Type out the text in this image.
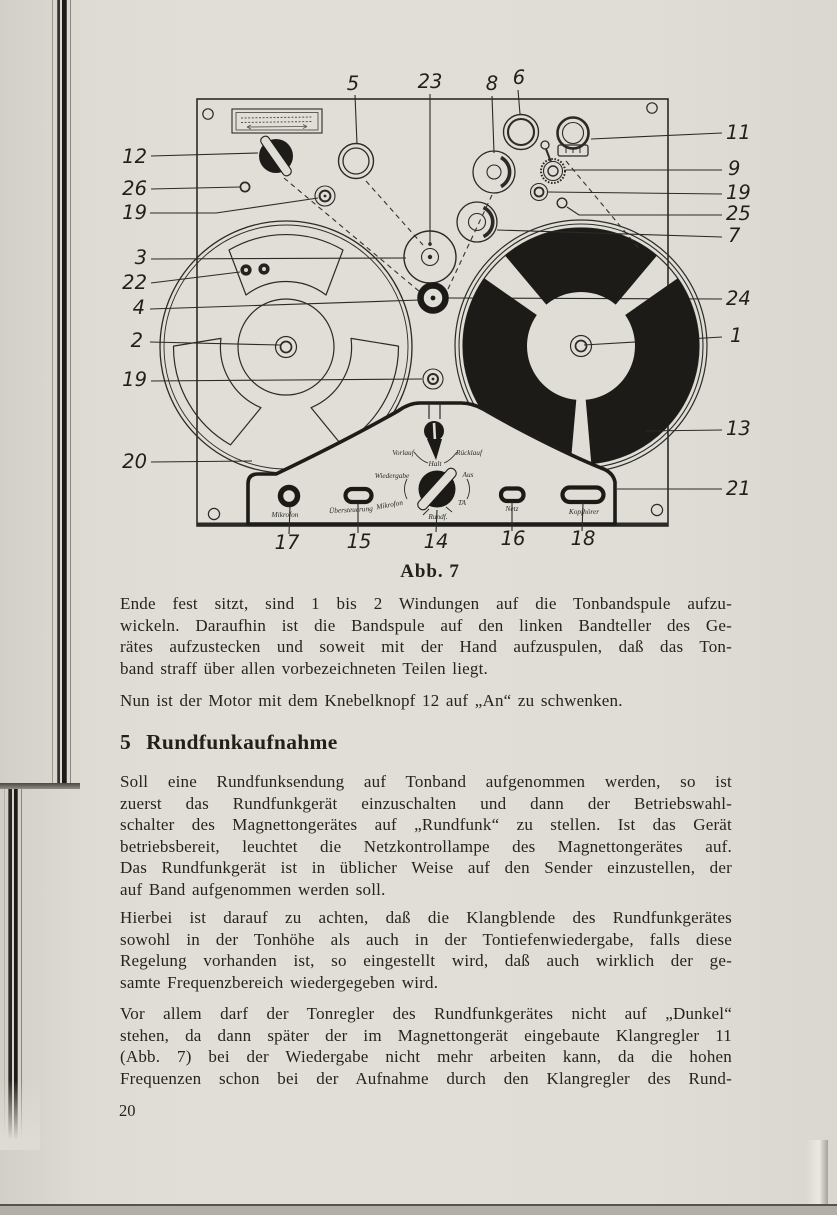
Vorlauf
Halt
Rücklauf
Wiedergabe	Aus
Mikrofon	TA
Rundf.
Mikrofon	Übersteuerung	Netz	Kopfhörer
12
26
19
3
22
4
2
19
20
5	23 8 6
17 15	14	16 18
11
9
19
25
7
24
1
13
21
Abb. 7
Ende fest sitzt, sind 1 bis 2 Windungen auf die Tonbandspule aufzu-
wickeln. Daraufhin ist die Bandspule auf den linken Bandteller des Ge-
rätes aufzustecken und soweit mit der Hand aufzuspulen, daß das Ton-
band straff über allen vorbezeichneten Teilen liegt.
Nun ist der Motor mit dem Knebelknopf 12 auf „An“ zu schwenken.
5 Rundfunkaufnahme
Soll eine Rundfunksendung auf Tonband aufgenommen werden, so ist
zuerst das Rundfunkgerät einzuschalten und dann der Betriebswahl-
schalter des Magnettongerätes auf „Rundfunk“ zu stellen. Ist das Gerät
betriebsbereit, leuchtet die Netzkontrollampe des Magnettongerätes auf.
Das Rundfunkgerät ist in üblicher Weise auf den Sender einzustellen, der
auf Band aufgenommen werden soll.
Hierbei ist darauf zu achten, daß die Klangblende des Rundfunkgerätes
sowohl in der Tonhöhe als auch in der Tontiefenwiedergabe, falls diese
Regelung vorhanden ist, so eingestellt wird, daß auch wirklich der ge-
samte Frequenzbereich wiedergegeben wird.
Vor allem darf der Tonregler des Rundfunkgerätes nicht auf „Dunkel“
stehen, da dann später der im Magnettongerät eingebaute Klangregler 11
(Abb. 7) bei der Wiedergabe nicht mehr arbeiten kann, da die hohen
Frequenzen schon bei der Aufnahme durch den Klangregler des Rund-
20
